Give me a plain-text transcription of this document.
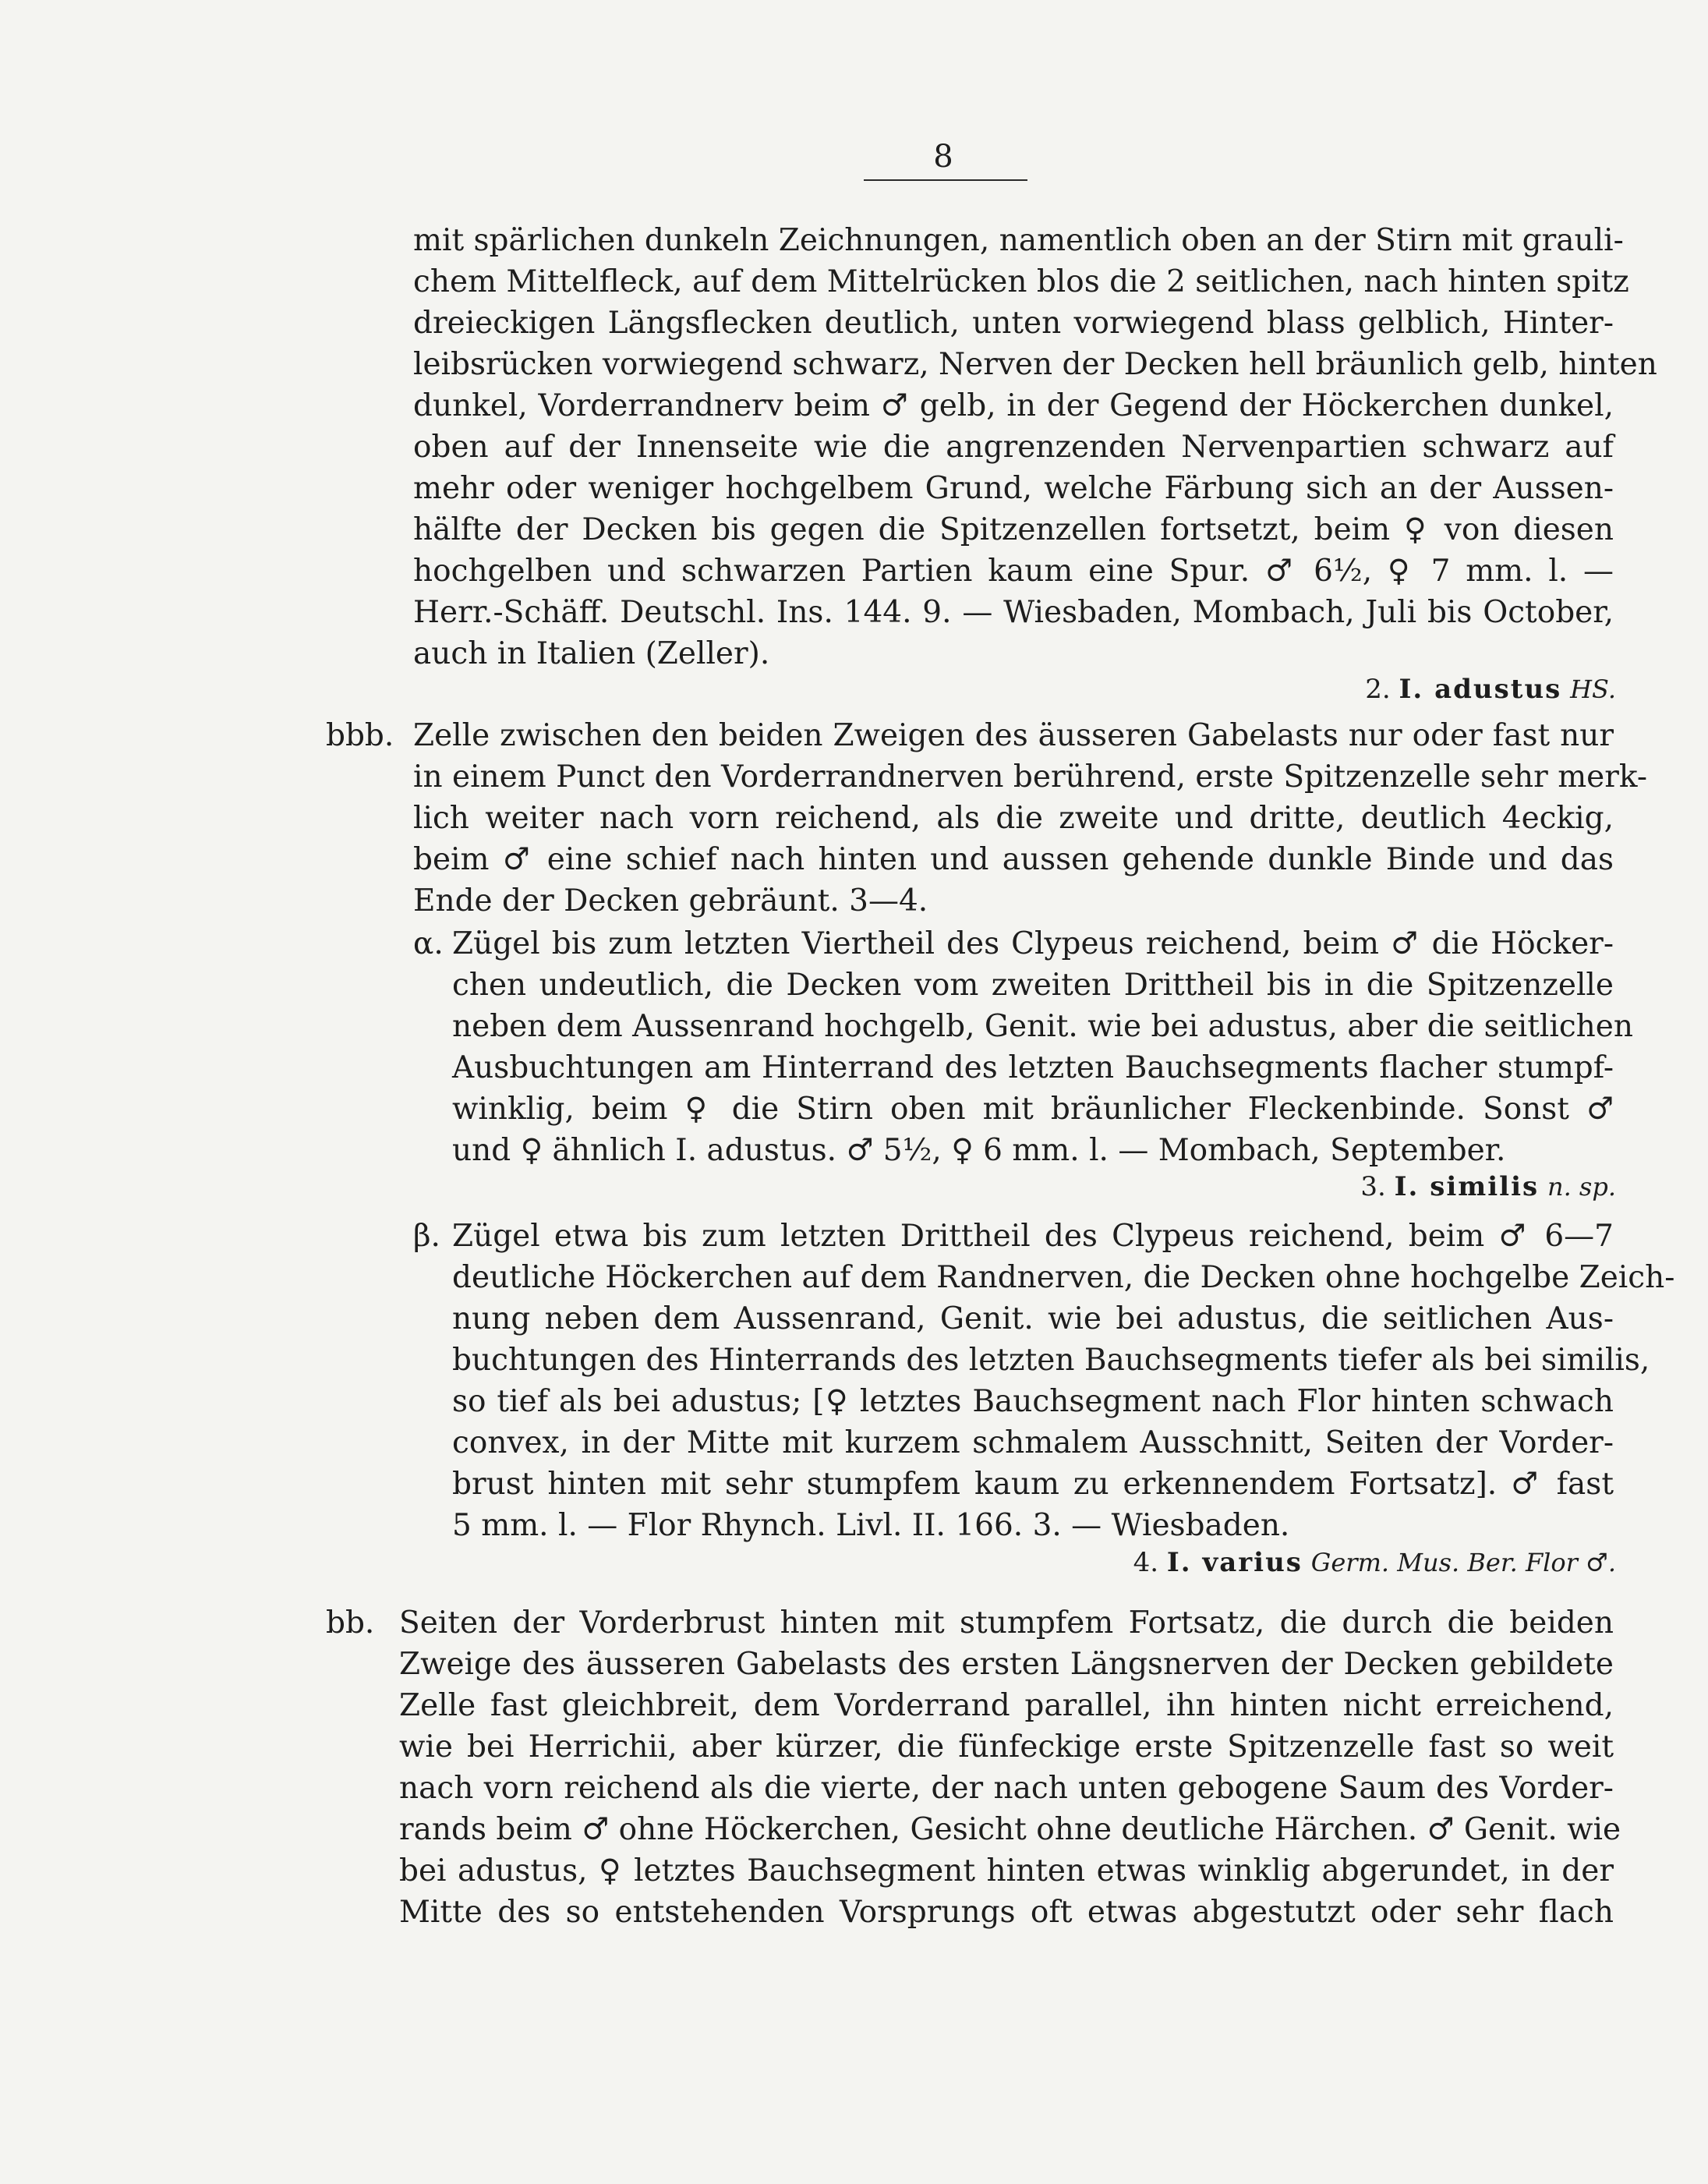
8
mit spärlichen dunkeln Zeichnungen, namentlich oben an der Stirn mit grauli-
chem Mittelfleck, auf dem Mittelrücken blos die 2 seitlichen, nach hinten spitz
dreieckigen Längsflecken deutlich, unten vorwiegend blass gelblich, Hinter-
leibsrücken vorwiegend schwarz, Nerven der Decken hell bräunlich gelb, hinten
dunkel, Vorderrandnerv beim ♂ gelb, in der Gegend der Höckerchen dunkel,
oben auf der Innenseite wie die angrenzenden Nervenpartien schwarz auf
mehr oder weniger hochgelbem Grund, welche Färbung sich an der Aussen-
hälfte der Decken bis gegen die Spitzenzellen fortsetzt, beim ♀ von diesen
hochgelben und schwarzen Partien kaum eine Spur. ♂ 6½, ♀ 7 mm. l. —
Herr.-Schäff. Deutschl. Ins. 144. 9. — Wiesbaden, Mombach, Juli bis October,
auch in Italien (Zeller).
2. I. adustus HS.
bbb. Zelle zwischen den beiden Zweigen des äusseren Gabelasts nur oder fast nur
in einem Punct den Vorderrandnerven berührend, erste Spitzenzelle sehr merk-
lich weiter nach vorn reichend, als die zweite und dritte, deutlich 4eckig,
beim ♂ eine schief nach hinten und aussen gehende dunkle Binde und das
Ende der Decken gebräunt. 3—4.
α. Zügel bis zum letzten Viertheil des Clypeus reichend, beim ♂ die Höcker-
chen undeutlich, die Decken vom zweiten Drittheil bis in die Spitzenzelle
neben dem Aussenrand hochgelb, Genit. wie bei adustus, aber die seitlichen
Ausbuchtungen am Hinterrand des letzten Bauchsegments flacher stumpf-
winklig, beim ♀ die Stirn oben mit bräunlicher Fleckenbinde. Sonst ♂
und ♀ ähnlich I. adustus. ♂ 5½, ♀ 6 mm. l. — Mombach, September.
3. I. similis n. sp.
β. Zügel etwa bis zum letzten Drittheil des Clypeus reichend, beim ♂ 6—7
deutliche Höckerchen auf dem Randnerven, die Decken ohne hochgelbe Zeich-
nung neben dem Aussenrand, Genit. wie bei adustus, die seitlichen Aus-
buchtungen des Hinterrands des letzten Bauchsegments tiefer als bei similis,
so tief als bei adustus; [♀ letztes Bauchsegment nach Flor hinten schwach
convex, in der Mitte mit kurzem schmalem Ausschnitt, Seiten der Vorder-
brust hinten mit sehr stumpfem kaum zu erkennendem Fortsatz]. ♂ fast
5 mm. l. — Flor Rhynch. Livl. II. 166. 3. — Wiesbaden.
4. I. varius Germ. Mus. Ber. Flor ♂.
bb. Seiten der Vorderbrust hinten mit stumpfem Fortsatz, die durch die beiden
Zweige des äusseren Gabelasts des ersten Längsnerven der Decken gebildete
Zelle fast gleichbreit, dem Vorderrand parallel, ihn hinten nicht erreichend,
wie bei Herrichii, aber kürzer, die fünfeckige erste Spitzenzelle fast so weit
nach vorn reichend als die vierte, der nach unten gebogene Saum des Vorder-
rands beim ♂ ohne Höckerchen, Gesicht ohne deutliche Härchen. ♂ Genit. wie
bei adustus, ♀ letztes Bauchsegment hinten etwas winklig abgerundet, in der
Mitte des so entstehenden Vorsprungs oft etwas abgestutzt oder sehr flach
